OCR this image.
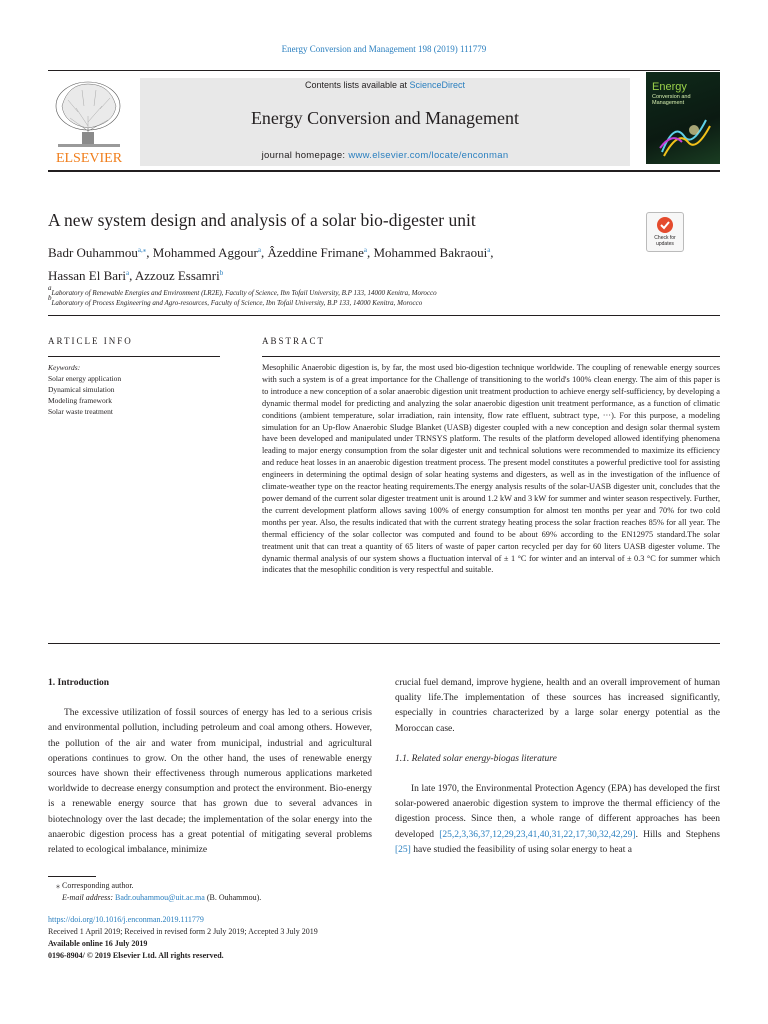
Energy Conversion and Management 198 (2019) 111779
ELSEVIER
Contents lists available at ScienceDirect
Energy Conversion and Management
journal homepage: www.elsevier.com/locate/enconman
Energy
Conversion and Management
A new system design and analysis of a solar bio-digester unit
Check for updates
Badr Ouhammou$^{a,⁎}$, Mohammed Aggour$^a$, Âzeddine Frimane$^a$, Mohammed Bakraoui$^a$,
Hassan El Bari$^a$, Azzouz Essamri$^b$
$^a$Laboratory of Renewable Energies and Environment (LR2E), Faculty of Science, Ibn Tofail University, B.P 133, 14000 Kenitra, Morocco
$^b$Laboratory of Process Engineering and Agro-resources, Faculty of Science, Ibn Tofail University, B.P 133, 14000 Kenitra, Morocco
ARTICLE INFO	ABSTRACT
Keywords:
Solar energy application
Dynamical simulation
Modeling framework
Solar waste treatment
Mesophilic Anaerobic digestion is, by far, the most used bio-digestion technique worldwide. The coupling of renewable energy sources with such a system is of a great importance for the Challenge of transitioning to the world's 100% clean energy. The aim of this paper is to introduce a new conception of a solar anaerobic digestion unit treatment production to achieve energy self-sufficiency, by developing a dynamic thermal model for predicting and analyzing the solar anaerobic digestion unit treatment performance, as a function of climatic conditions (ambient temperature, solar irradiation, rain intensity, flow rate effluent, subtract type, ···). For this purpose, a modeling simulation for an Up-flow Anaerobic Sludge Blanket (UASB) digester coupled with a new conception and design solar thermal system have been developed and manipulated under TRNSYS platform. The results of the platform developed allowed identifying phenomena leading to major energy consumption from the solar digester unit and technical solutions were recommended to maximize its efficiency and reduce heat losses in an anaerobic digestion treatment process. The present model constitutes a powerful predictive tool for assisting engineers in determining the optimal design of solar heating systems and digesters, as well as in the investigation of the influence of climate-weather type on the reactor heating requirements.The energy analysis results of the solar-UASB digester unit, concludes that the power demand of the current solar digester treatment unit is around 1.2 kW and 3 kW for summer and winter season respectively. Further, the current development platform allows saving 100% of energy consumption for almost ten months per year and 70% for two cold months per year. Also, the results indicated that with the current strategy heating process the solar fraction reaches 85% for all year. The thermal efficiency of the solar collector was computed and found to be about 69% according to the EN12975 standard.The solar treatment unit that can treat a quantity of 65 liters of waste of paper carton recycled per day for 60 liters UASB digester volume. The dynamic thermal analysis of our system shows a fluctuation interval of ± 1 °C for winter and an interval of ± 0.3 °C for summer which indicates that the mesophilic condition is very respectful and suitable.
1. Introduction

The excessive utilization of fossil sources of energy has led to a serious crisis and environmental pollution, including petroleum and coal among others. However, the pollution of the air and water from municipal, industrial and agricultural operations continues to grow. On the other hand, the uses of renewable energy sources have shown their effectiveness through numerous applications marketed worldwide to decrease energy consumption and protect the environment. Bio-energy is a renewable energy source that has grown due to several advances in biotechnology over the last decade; the implementation of the solar energy into the anaerobic digestion process has a great potential of mitigating several problems related to ecological imbalance, minimize

crucial fuel demand, improve hygiene, health and an overall improvement of human quality life.The implementation of these sources has increased significantly, especially in countries characterized by a large solar energy potential as the Moroccan case.

1.1. Related solar energy-biogas literature

In late 1970, the Environmental Protection Agency (EPA) has developed the first solar-powered anaerobic digestion system to improve the thermal efficiency of the digestion process. Since then, a whole range of different approaches has been developed [25,2,3,36,37,12,29,23,41,40,31,22,17,30,32,42,29]. Hills and Stephens [25] have studied the feasibility of using solar energy to heat a

⁎ Corresponding author.
E-mail address: Badr.ouhammou@uit.ac.ma (B. Ouhammou).
https://doi.org/10.1016/j.enconman.2019.111779
Received 1 April 2019; Received in revised form 2 July 2019; Accepted 3 July 2019
Available online 16 July 2019
0196-8904/ © 2019 Elsevier Ltd. All rights reserved.
